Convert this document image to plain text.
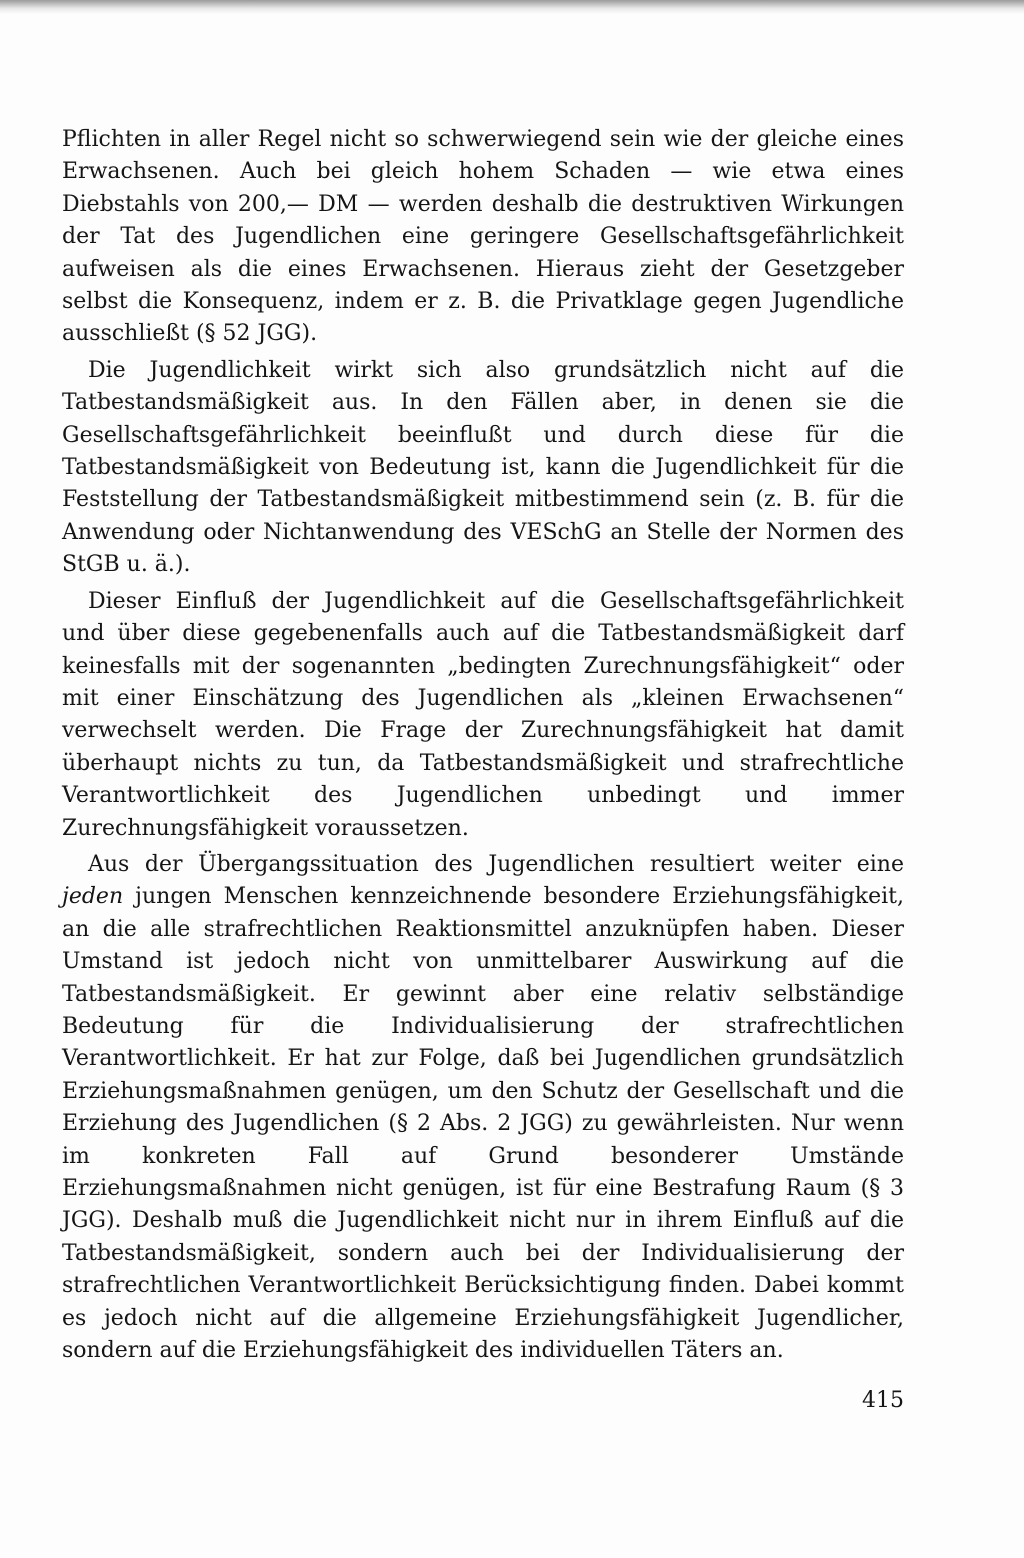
Pflichten in aller Regel nicht so schwerwiegend sein wie der gleiche eines Erwachsenen. Auch bei gleich hohem Schaden — wie etwa eines Diebstahls von 200,— DM — werden deshalb die destruktiven Wirkungen der Tat des Jugendlichen eine geringere Gesellschaftsgefährlichkeit aufweisen als die eines Erwachsenen. Hieraus zieht der Gesetzgeber selbst die Konsequenz, indem er z. B. die Privatklage gegen Jugendliche ausschließt (§ 52 JGG).

Die Jugendlichkeit wirkt sich also grundsätzlich nicht auf die Tatbestandsmäßigkeit aus. In den Fällen aber, in denen sie die Gesellschaftsgefährlichkeit beeinflußt und durch diese für die Tatbestandsmäßigkeit von Bedeutung ist, kann die Jugendlichkeit für die Feststellung der Tatbestandsmäßigkeit mitbestimmend sein (z. B. für die Anwendung oder Nichtanwendung des VESchG an Stelle der Normen des StGB u. ä.).

Dieser Einfluß der Jugendlichkeit auf die Gesellschaftsgefährlichkeit und über diese gegebenenfalls auch auf die Tatbestandsmäßigkeit darf keinesfalls mit der sogenannten „bedingten Zurechnungsfähigkeit“ oder mit einer Einschätzung des Jugendlichen als „kleinen Erwachsenen“ verwechselt werden. Die Frage der Zurechnungsfähigkeit hat damit überhaupt nichts zu tun, da Tatbestandsmäßigkeit und strafrechtliche Verantwortlichkeit des Jugendlichen unbedingt und immer Zurechnungsfähigkeit voraussetzen.

Aus der Übergangssituation des Jugendlichen resultiert weiter eine jeden jungen Menschen kennzeichnende besondere Erziehungsfähigkeit, an die alle strafrechtlichen Reaktionsmittel anzuknüpfen haben. Dieser Umstand ist jedoch nicht von unmittelbarer Auswirkung auf die Tatbestandsmäßigkeit. Er gewinnt aber eine relativ selbständige Bedeutung für die Individualisierung der strafrechtlichen Verantwortlichkeit. Er hat zur Folge, daß bei Jugendlichen grundsätzlich Erziehungsmaßnahmen genügen, um den Schutz der Gesellschaft und die Erziehung des Jugendlichen (§ 2 Abs. 2 JGG) zu gewährleisten. Nur wenn im konkreten Fall auf Grund besonderer Umstände Erziehungsmaßnahmen nicht genügen, ist für eine Bestrafung Raum (§ 3 JGG). Deshalb muß die Jugendlichkeit nicht nur in ihrem Einfluß auf die Tatbestandsmäßigkeit, sondern auch bei der Individualisierung der strafrechtlichen Verantwortlichkeit Berücksichtigung finden. Dabei kommt es jedoch nicht auf die allgemeine Erziehungsfähigkeit Jugendlicher, sondern auf die Erziehungsfähigkeit des individuellen Täters an.

415
